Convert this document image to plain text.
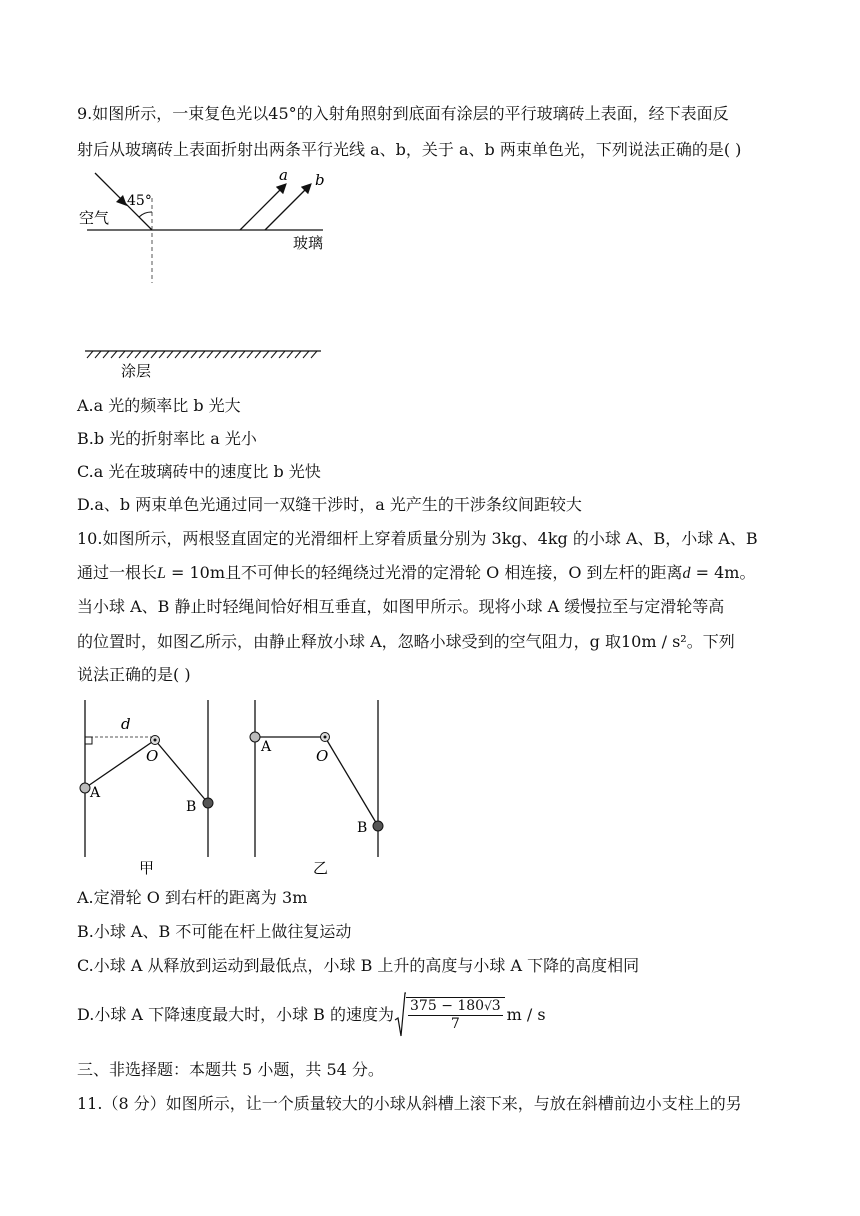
9.如图所示，一束复色光以45°的入射角照射到底面有涂层的平行玻璃砖上表面，经下表面反
射后从玻璃砖上表面折射出两条平行光线 a、b，关于 a、b 两束单色光，下列说法正确的是( )
45°
空气
玻璃
a b
涂层
A.a 光的频率比 b 光大
B.b 光的折射率比 a 光小
C.a 光在玻璃砖中的速度比 b 光快
D.a、b 两束单色光通过同一双缝干涉时，a 光产生的干涉条纹间距较大
10.如图所示，两根竖直固定的光滑细杆上穿着质量分别为 3kg、4kg 的小球 A、B，小球 A、B
通过一根长L = 10m且不可伸长的轻绳绕过光滑的定滑轮 O 相连接，O 到左杆的距离d = 4m。
当小球 A、B 静止时轻绳间恰好相互垂直，如图甲所示。现将小球 A 缓慢拉至与定滑轮等高
的位置时，如图乙所示，由静止释放小球 A，忽略小球受到的空气阻力，g 取10m / s²。下列
说法正确的是( )
d
O
A
B
甲
O
A
B
乙
A.定滑轮 O 到右杆的距离为 3m
B.小球 A、B 不可能在杆上做往复运动
C.小球 A 从释放到运动到最低点，小球 B 上升的高度与小球 A 下降的高度相同
D.小球 A 下降速度最大时，小球 B 的速度为 $\frac{375 - 180√3}{7}$ m / s
三、非选择题：本题共 5 小题，共 54 分。
11.（8 分）如图所示，让一个质量较大的小球从斜槽上滚下来，与放在斜槽前边小支柱上的另
